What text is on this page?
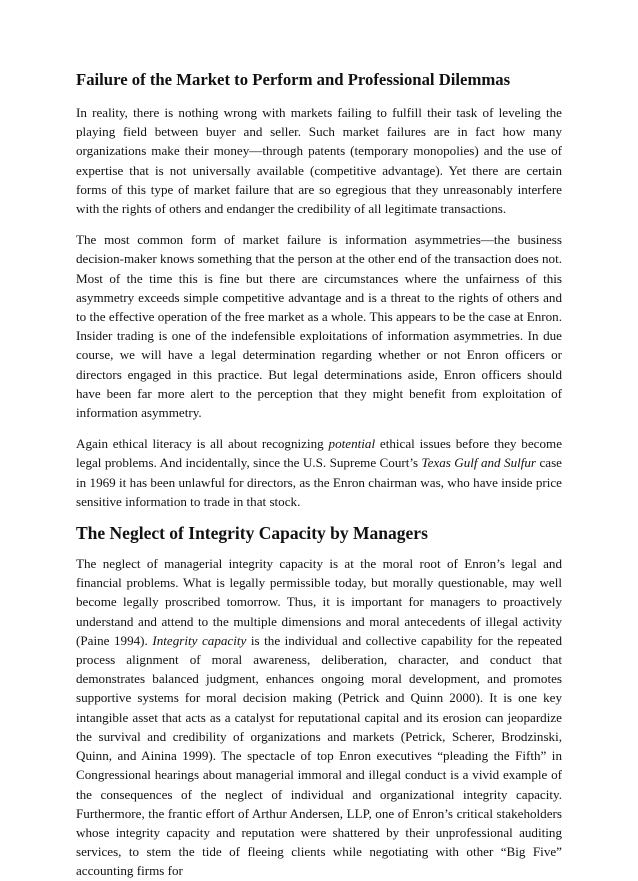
Failure of the Market to Perform and Professional Dilemmas

In reality, there is nothing wrong with markets failing to fulfill their task of leveling the playing field between buyer and seller. Such market failures are in fact how many organizations make their money—through patents (temporary monopolies) and the use of expertise that is not universally available (competitive advantage). Yet there are certain forms of this type of market failure that are so egregious that they unreasonably interfere with the rights of others and endanger the credibility of all legitimate transactions.

The most common form of market failure is information asymmetries—the business decision-maker knows something that the person at the other end of the transaction does not. Most of the time this is fine but there are circumstances where the unfairness of this asymmetry exceeds simple competitive advantage and is a threat to the rights of others and to the effective operation of the free market as a whole. This appears to be the case at Enron. Insider trading is one of the indefensible exploitations of information asymmetries. In due course, we will have a legal determination regarding whether or not Enron officers or directors engaged in this practice. But legal determinations aside, Enron officers should have been far more alert to the perception that they might benefit from exploitation of information asymmetry.

Again ethical literacy is all about recognizing potential ethical issues before they become legal problems. And incidentally, since the U.S. Supreme Court’s Texas Gulf and Sulfur case in 1969 it has been unlawful for directors, as the Enron chairman was, who have inside price sensitive information to trade in that stock.

The Neglect of Integrity Capacity by Managers

The neglect of managerial integrity capacity is at the moral root of Enron’s legal and financial problems. What is legally permissible today, but morally questionable, may well become legally proscribed tomorrow. Thus, it is important for managers to proactively understand and attend to the multiple dimensions and moral antecedents of illegal activity (Paine 1994). Integrity capacity is the individual and collective capability for the repeated process alignment of moral awareness, deliberation, character, and conduct that demonstrates balanced judgment, enhances ongoing moral development, and promotes supportive systems for moral decision making (Petrick and Quinn 2000). It is one key intangible asset that acts as a catalyst for reputational capital and its erosion can jeopardize the survival and credibility of organizations and markets (Petrick, Scherer, Brodzinski, Quinn, and Ainina 1999). The spectacle of top Enron executives “pleading the Fifth” in Congressional hearings about managerial immoral and illegal conduct is a vivid example of the consequences of the neglect of individual and organizational integrity capacity. Furthermore, the frantic effort of Arthur Andersen, LLP, one of Enron’s critical stakeholders whose integrity capacity and reputation were shattered by their unprofessional auditing services, to stem the tide of fleeing clients while negotiating with other “Big Five” accounting firms for
